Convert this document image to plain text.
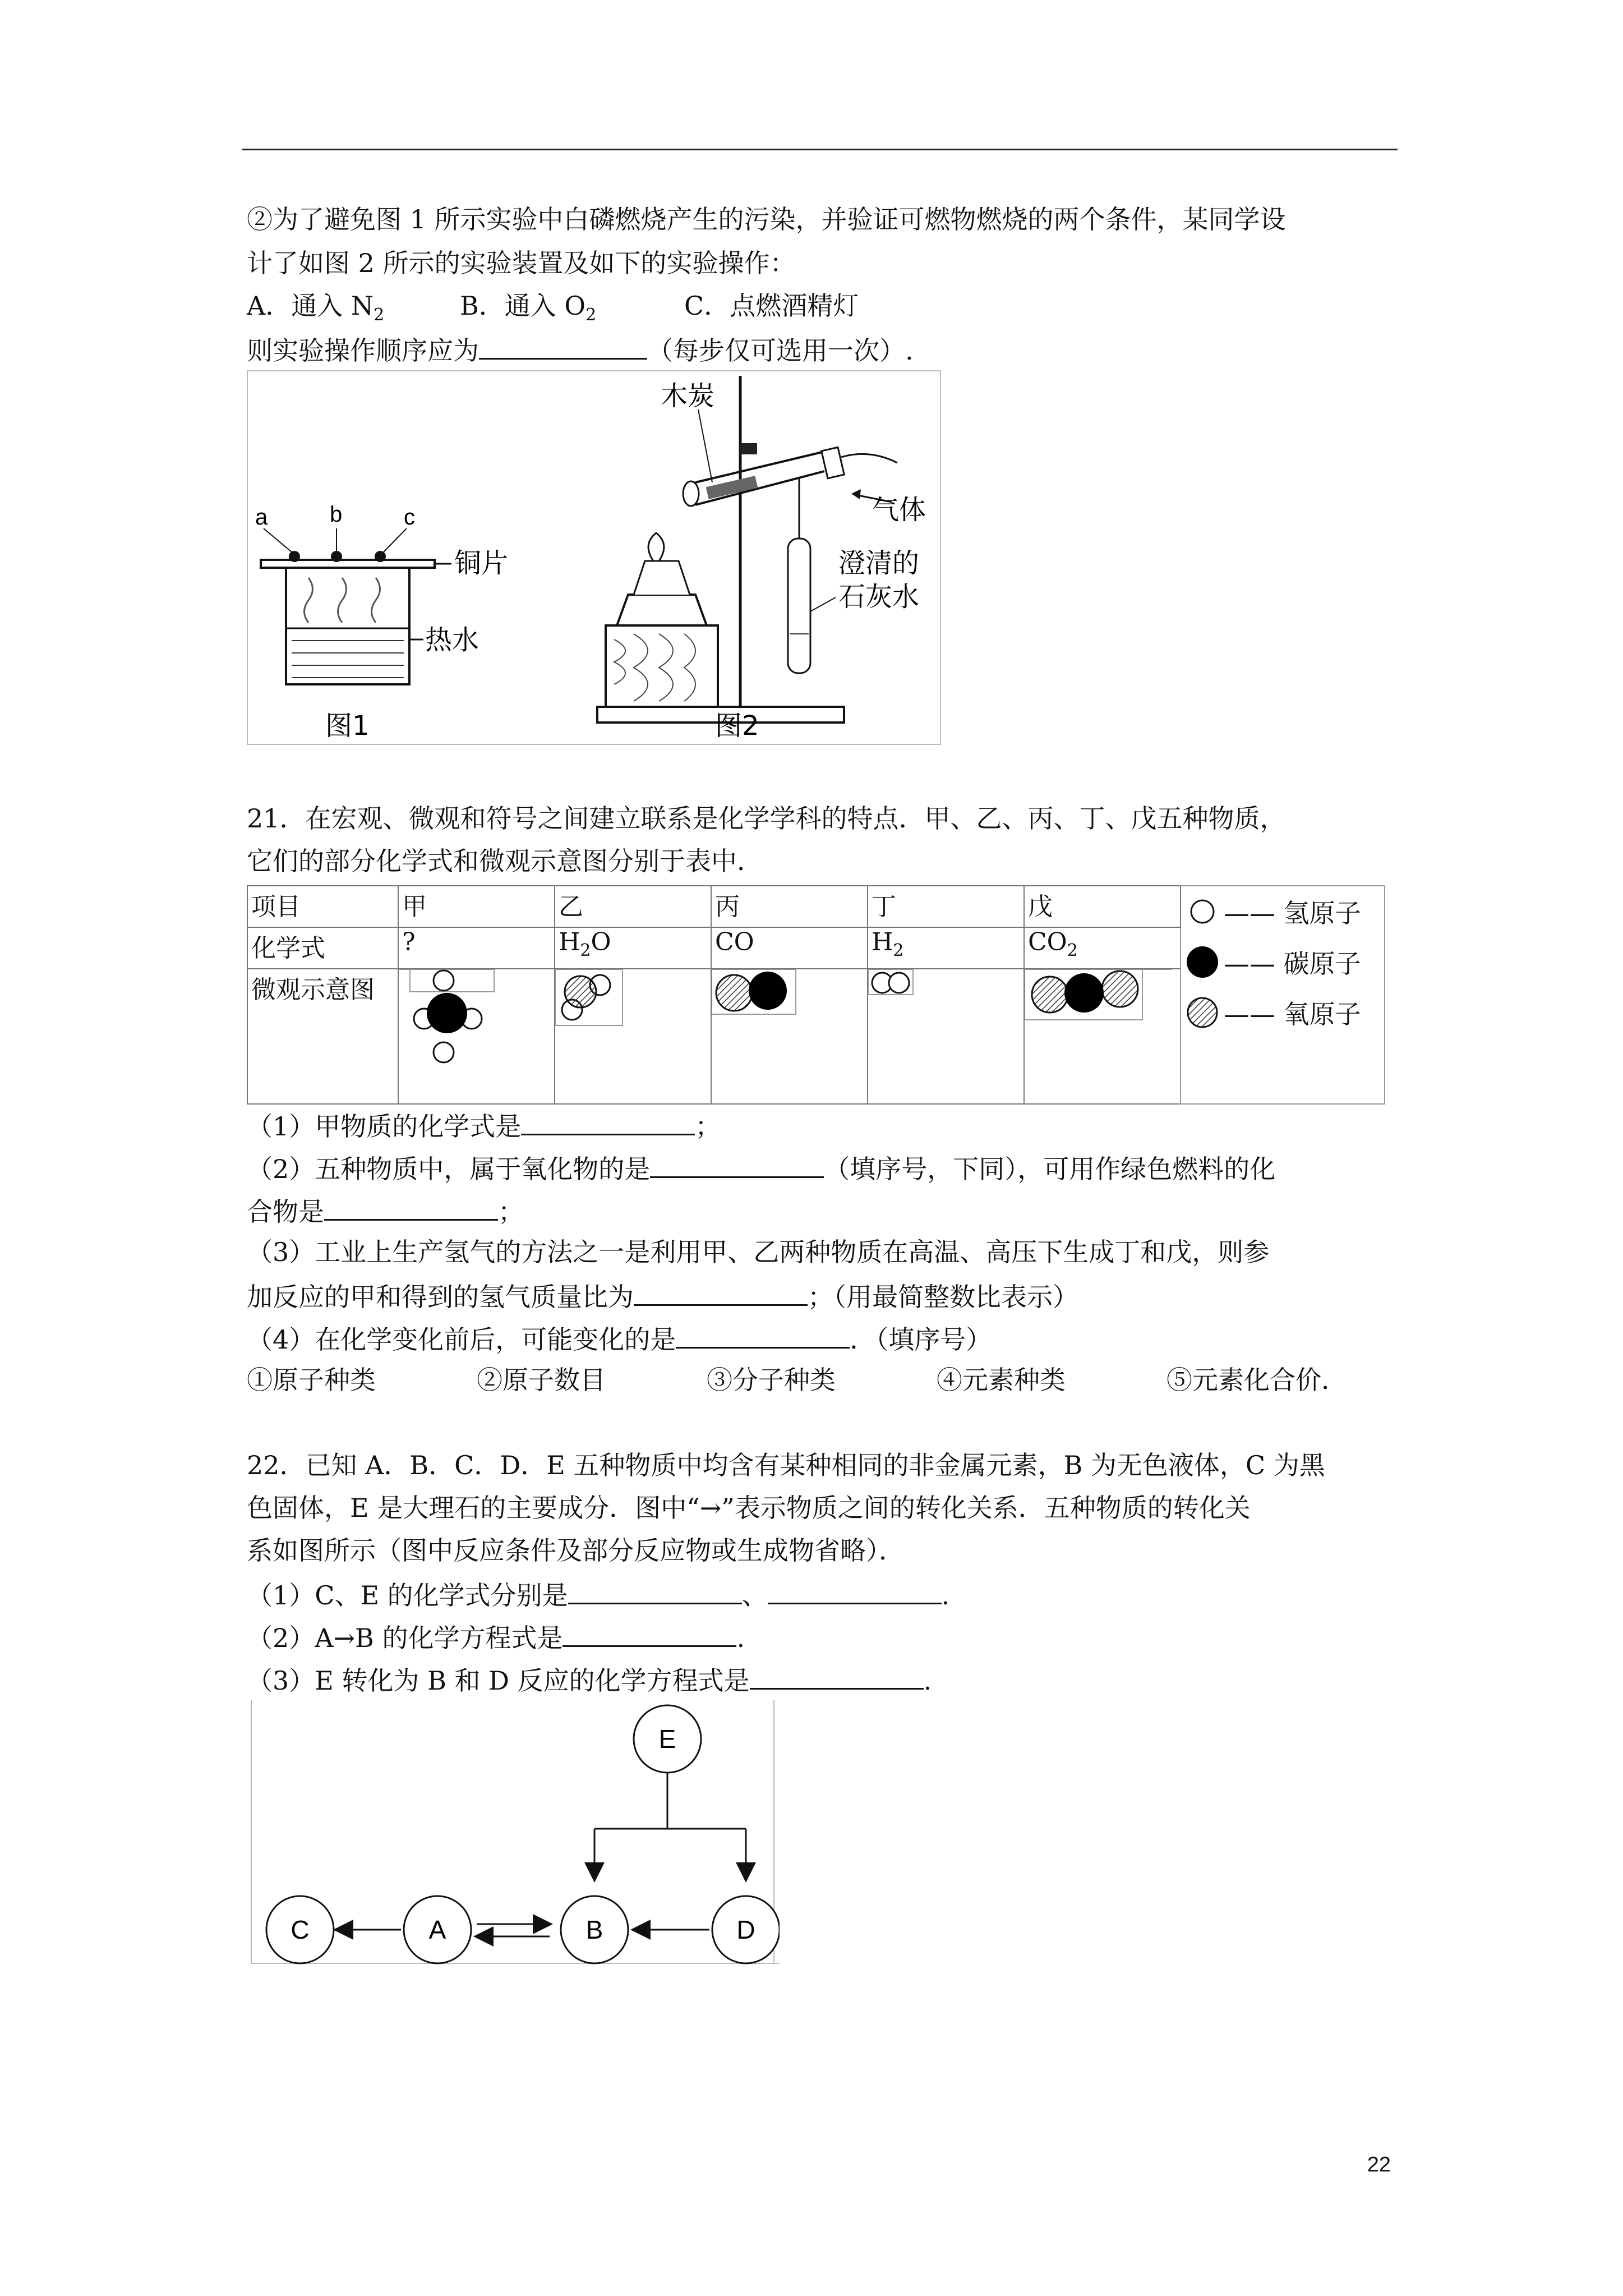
②为了避免图 1 所示实验中白磷燃烧产生的污染，并验证可燃物燃烧的两个条件，某同学设
计了如图 2 所示的实验装置及如下的实验操作：
A．通入 $N_2$	B．通入 $O_2$	C．点燃酒精灯
则实验操作顺序应为	（每步仅可选用一次）.
a	b	c
铜片
热水
图1
木炭
气体
澄清的
石灰水
图2
21．在宏观、微观和符号之间建立联系是化学学科的特点．甲、乙、丙、丁、戊五种物质，
它们的部分化学式和微观示意图分别于表中．
项目	甲	乙	丙	丁	戊	—— 氢原子
—— 碳原子
—— 氧原子

化学式	?	$H_2O$	CO	$H_2$	$CO_2$
微观示意图					
（1）甲物质的化学式是	；
（2）五种物质中，属于氧化物的是	（填序号，下同），可用作绿色燃料的化
合物是	；
（3）工业上生产氢气的方法之一是利用甲、乙两种物质在高温、高压下生成丁和戊，则参
加反应的甲和得到的氢气质量比为	；（用最简整数比表示）
（4）在化学变化前后，可能变化的是	．（填序号）
①原子种类	②原子数目	③分子种类	④元素种类	⑤元素化合价．
22．已知 A．B．C．D．E 五种物质中均含有某种相同的非金属元素，B 为无色液体，C 为黑
色固体，E 是大理石的主要成分．图中“→”表示物质之间的转化关系．五种物质的转化关
系如图所示（图中反应条件及部分反应物或生成物省略）．
（1）C、E 的化学式分别是	、	.
（2）A→B 的化学方程式是	.
（3）E 转化为 B 和 D 反应的化学方程式是	.
E
C	A	B	D
22
